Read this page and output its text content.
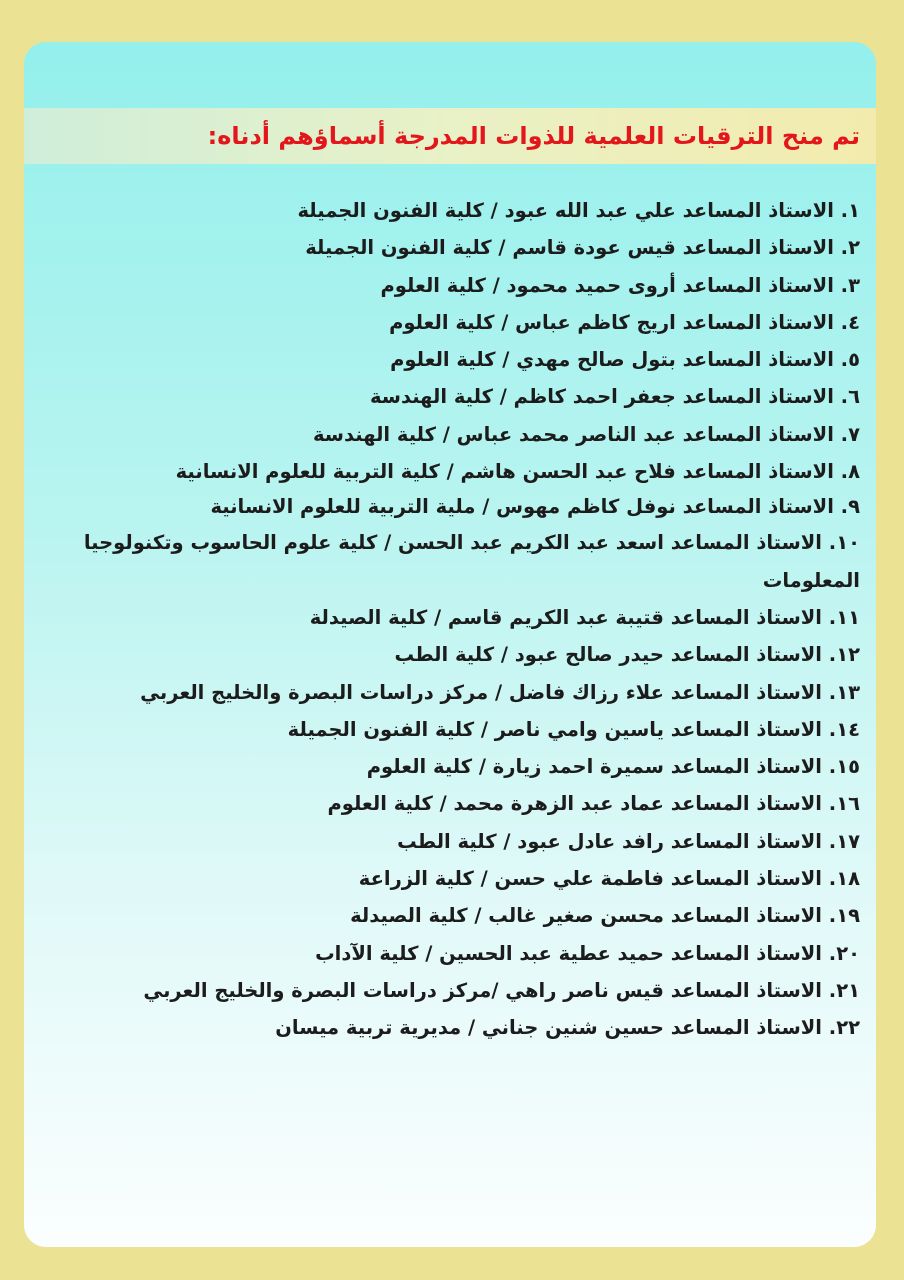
تم منح الترقيات العلمية للذوات المدرجة أسماؤهم أدناه:
١. الاستاذ المساعد علي عبد الله عبود / كلية الفنون الجميلة
٢. الاستاذ المساعد قيس عودة قاسم / كلية الفنون الجميلة
٣. الاستاذ المساعد أروى حميد محمود / كلية العلوم
٤. الاستاذ المساعد اريج كاظم عباس / كلية العلوم
٥. الاستاذ المساعد بتول صالح مهدي / كلية العلوم
٦. الاستاذ المساعد جعفر احمد كاظم / كلية الهندسة
٧. الاستاذ المساعد عبد الناصر محمد عباس / كلية الهندسة
٨. الاستاذ المساعد فلاح عبد الحسن هاشم / كلية التربية للعلوم الانسانية
٩. الاستاذ المساعد نوفل كاظم مهوس / ملية التربية للعلوم الانسانية
١٠. الاستاذ المساعد اسعد عبد الكريم عبد الحسن / كلية علوم الحاسوب وتكنولوجيا المعلومات
١١. الاستاذ المساعد قتيبة عبد الكريم قاسم / كلية الصيدلة
١٢. الاستاذ المساعد حيدر صالح عبود / كلية الطب
١٣. الاستاذ المساعد علاء رزاك فاضل / مركز دراسات البصرة والخليج العربي
١٤. الاستاذ المساعد ياسين وامي ناصر / كلية الفنون الجميلة
١٥. الاستاذ المساعد سميرة احمد زيارة / كلية العلوم
١٦. الاستاذ المساعد عماد عبد الزهرة محمد / كلية العلوم
١٧. الاستاذ المساعد رافد عادل عبود / كلية الطب
١٨. الاستاذ المساعد فاطمة علي حسن / كلية الزراعة
١٩. الاستاذ المساعد محسن صغير غالب / كلية الصيدلة
٢٠. الاستاذ المساعد حميد عطية عبد الحسين / كلية الآداب
٢١. الاستاذ المساعد قيس ناصر راهي /مركز دراسات البصرة والخليج العربي
٢٢. الاستاذ المساعد حسين شنين جناني / مديرية تربية ميسان
